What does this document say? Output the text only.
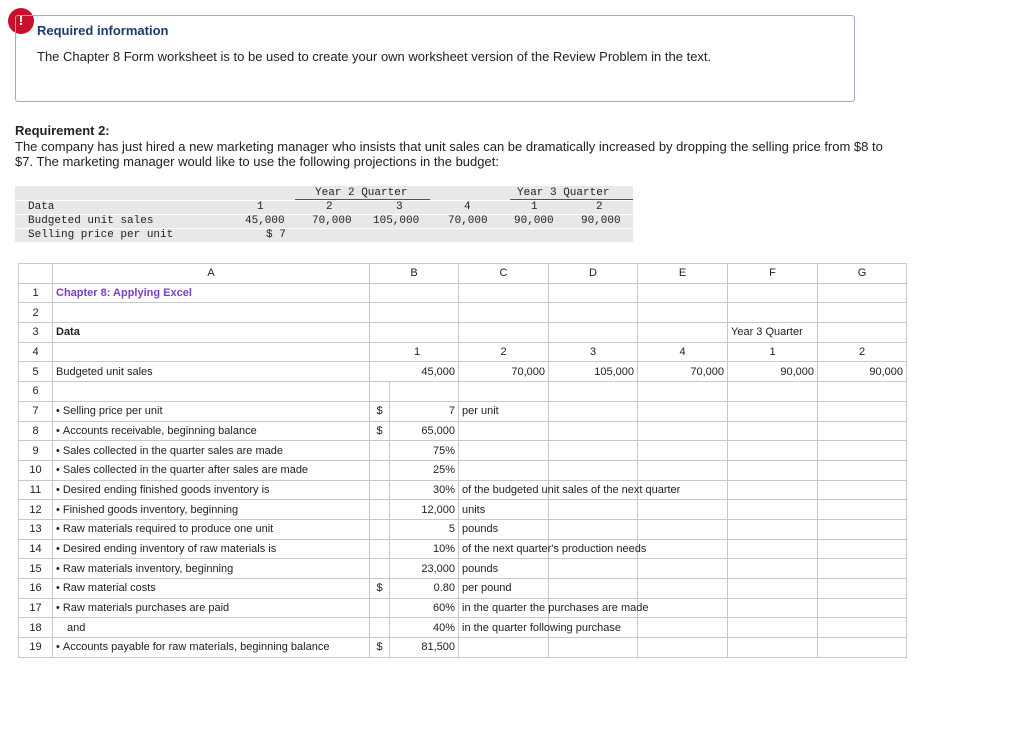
!
Required information
The Chapter 8 Form worksheet is to be used to create your own worksheet version of the Review Problem in the text.
Requirement 2:
The company has just hired a new marketing manager who insists that unit sales can be dramatically increased by dropping the selling price from $8 to $7. The marketing manager would like to use the following projections in the budget:
Year 2 Quarter	Year 3 Quarter
Data	1	2	3	4	1	2
Budgeted unit sales	45,000 70,000 105,000	70,000 90,000 90,000
Selling price per unit	$ 7
	A	B		C	D	E	F	G
1	Chapter 8: Applying Excel							
2								
3	Data						Year 3 Quarter	
4		1		2	3	4	1	2
5	Budgeted unit sales	45,000		70,000	105,000	70,000	90,000	90,000
6								
7	• Selling price per unit	$	7	per unit				

8	• Accounts receivable, beginning balance	$	65,000	

9	• Sales collected in the quarter sales are made		75%	

10	• Sales collected in the quarter after sales are made		25%	

11	• Desired ending finished goods inventory is		30%	of the budgeted unit sales of the next quarter				

12	• Finished goods inventory, beginning		12,000	units				

13	• Raw materials required to produce one unit		5	pounds				

14	• Desired ending inventory of raw materials is		10%	of the next quarter's production needs				

15	• Raw materials inventory, beginning		23,000	pounds				

16	• Raw material costs	$	0.80	per pound				

17	• Raw materials purchases are paid		60%	in the quarter the purchases are made				

18	and		40%	in the quarter following purchase				

19	• Accounts payable for raw materials, beginning balance	$	81,500	
